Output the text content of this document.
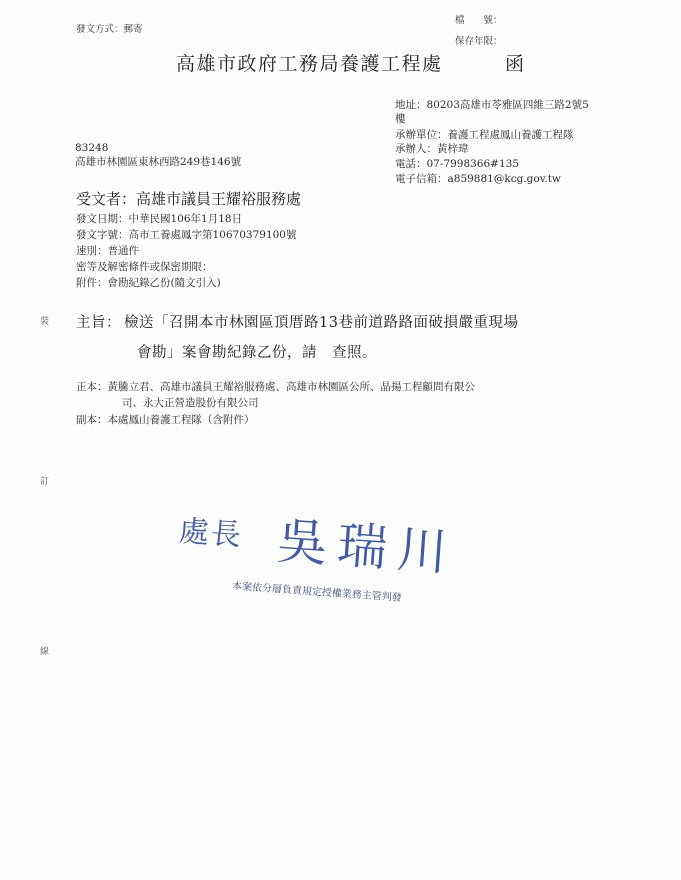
裝
訂
線
發文方式：郵寄
檔　　號：
保存年限：
高雄市政府工務局養護工程處	函
地址：80203高雄市苓雅區四維三路2號5
樓
承辦單位：養護工程處鳳山養護工程隊
承辦人：黃梓瑋
電話：07-7998366#135
電子信箱：a859881@kcg.gov.tw
83248
高雄市林園區東林西路249巷146號
受文者：高雄市議員王耀裕服務處
發文日期：中華民國106年1月18日
發文字號：高市工養處鳳字第10670379100號
速別：普通件
密等及解密條件或保密期限：
附件：會勘紀錄乙份(隨文引入)
主旨： 檢送「召開本市林園區頂厝路13巷前道路路面破損嚴重現場
會勘」案會勘紀錄乙份，請　查照。
正本：黃騰立君、高雄市議員王耀裕服務處、高雄市林園區公所、晶揚工程顧問有限公
司、永大正營造股份有限公司
副本：本處鳳山養護工程隊（含附件）
處長 吳瑞川
本案依分層負責規定授權業務主管判發
